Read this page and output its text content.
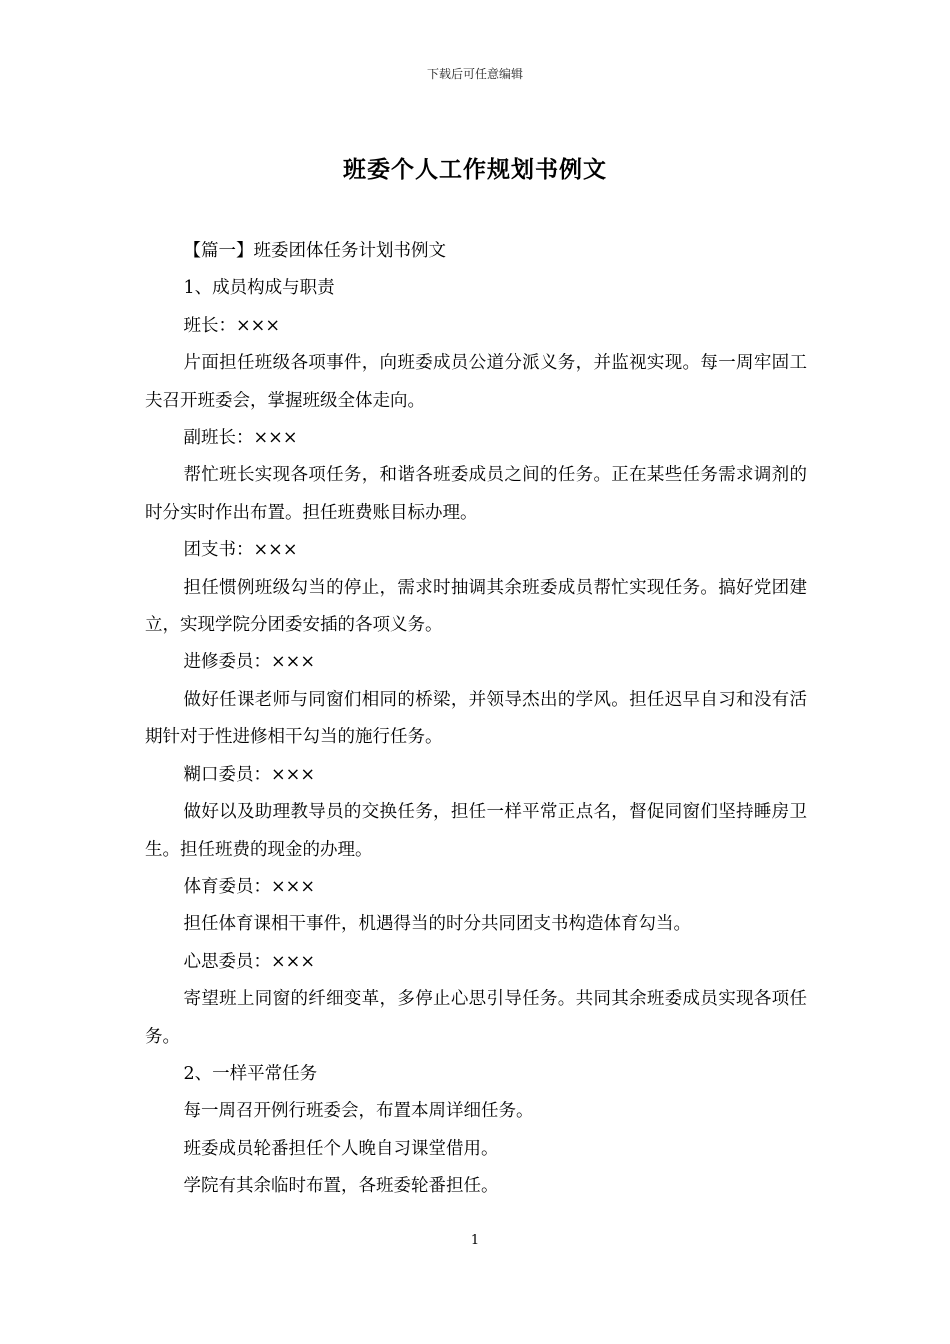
下载后可任意编辑
班委个人工作规划书例文

【篇一】班委团体任务计划书例文

1、成员构成与职责

班长：×××

片面担任班级各项事件，向班委成员公道分派义务，并监视实现。每一周牢固工夫召开班委会，掌握班级全体走向。

副班长：×××

帮忙班长实现各项任务，和谐各班委成员之间的任务。正在某些任务需求调剂的时分实时作出布置。担任班费账目标办理。

团支书：×××

担任惯例班级勾当的停止，需求时抽调其余班委成员帮忙实现任务。搞好党团建立，实现学院分团委安插的各项义务。

进修委员：×××

做好任课老师与同窗们相同的桥梁，并领导杰出的学风。担任迟早自习和没有活期针对于性进修相干勾当的施行任务。

糊口委员：×××

做好以及助理教导员的交换任务，担任一样平常正点名，督促同窗们坚持睡房卫生。担任班费的现金的办理。

体育委员：×××

担任体育课相干事件，机遇得当的时分共同团支书构造体育勾当。

心思委员：×××

寄望班上同窗的纤细变革，多停止心思引导任务。共同其余班委成员实现各项任务。

2、一样平常任务

每一周召开例行班委会，布置本周详细任务。

班委成员轮番担任个人晚自习课堂借用。

学院有其余临时布置，各班委轮番担任。

1
